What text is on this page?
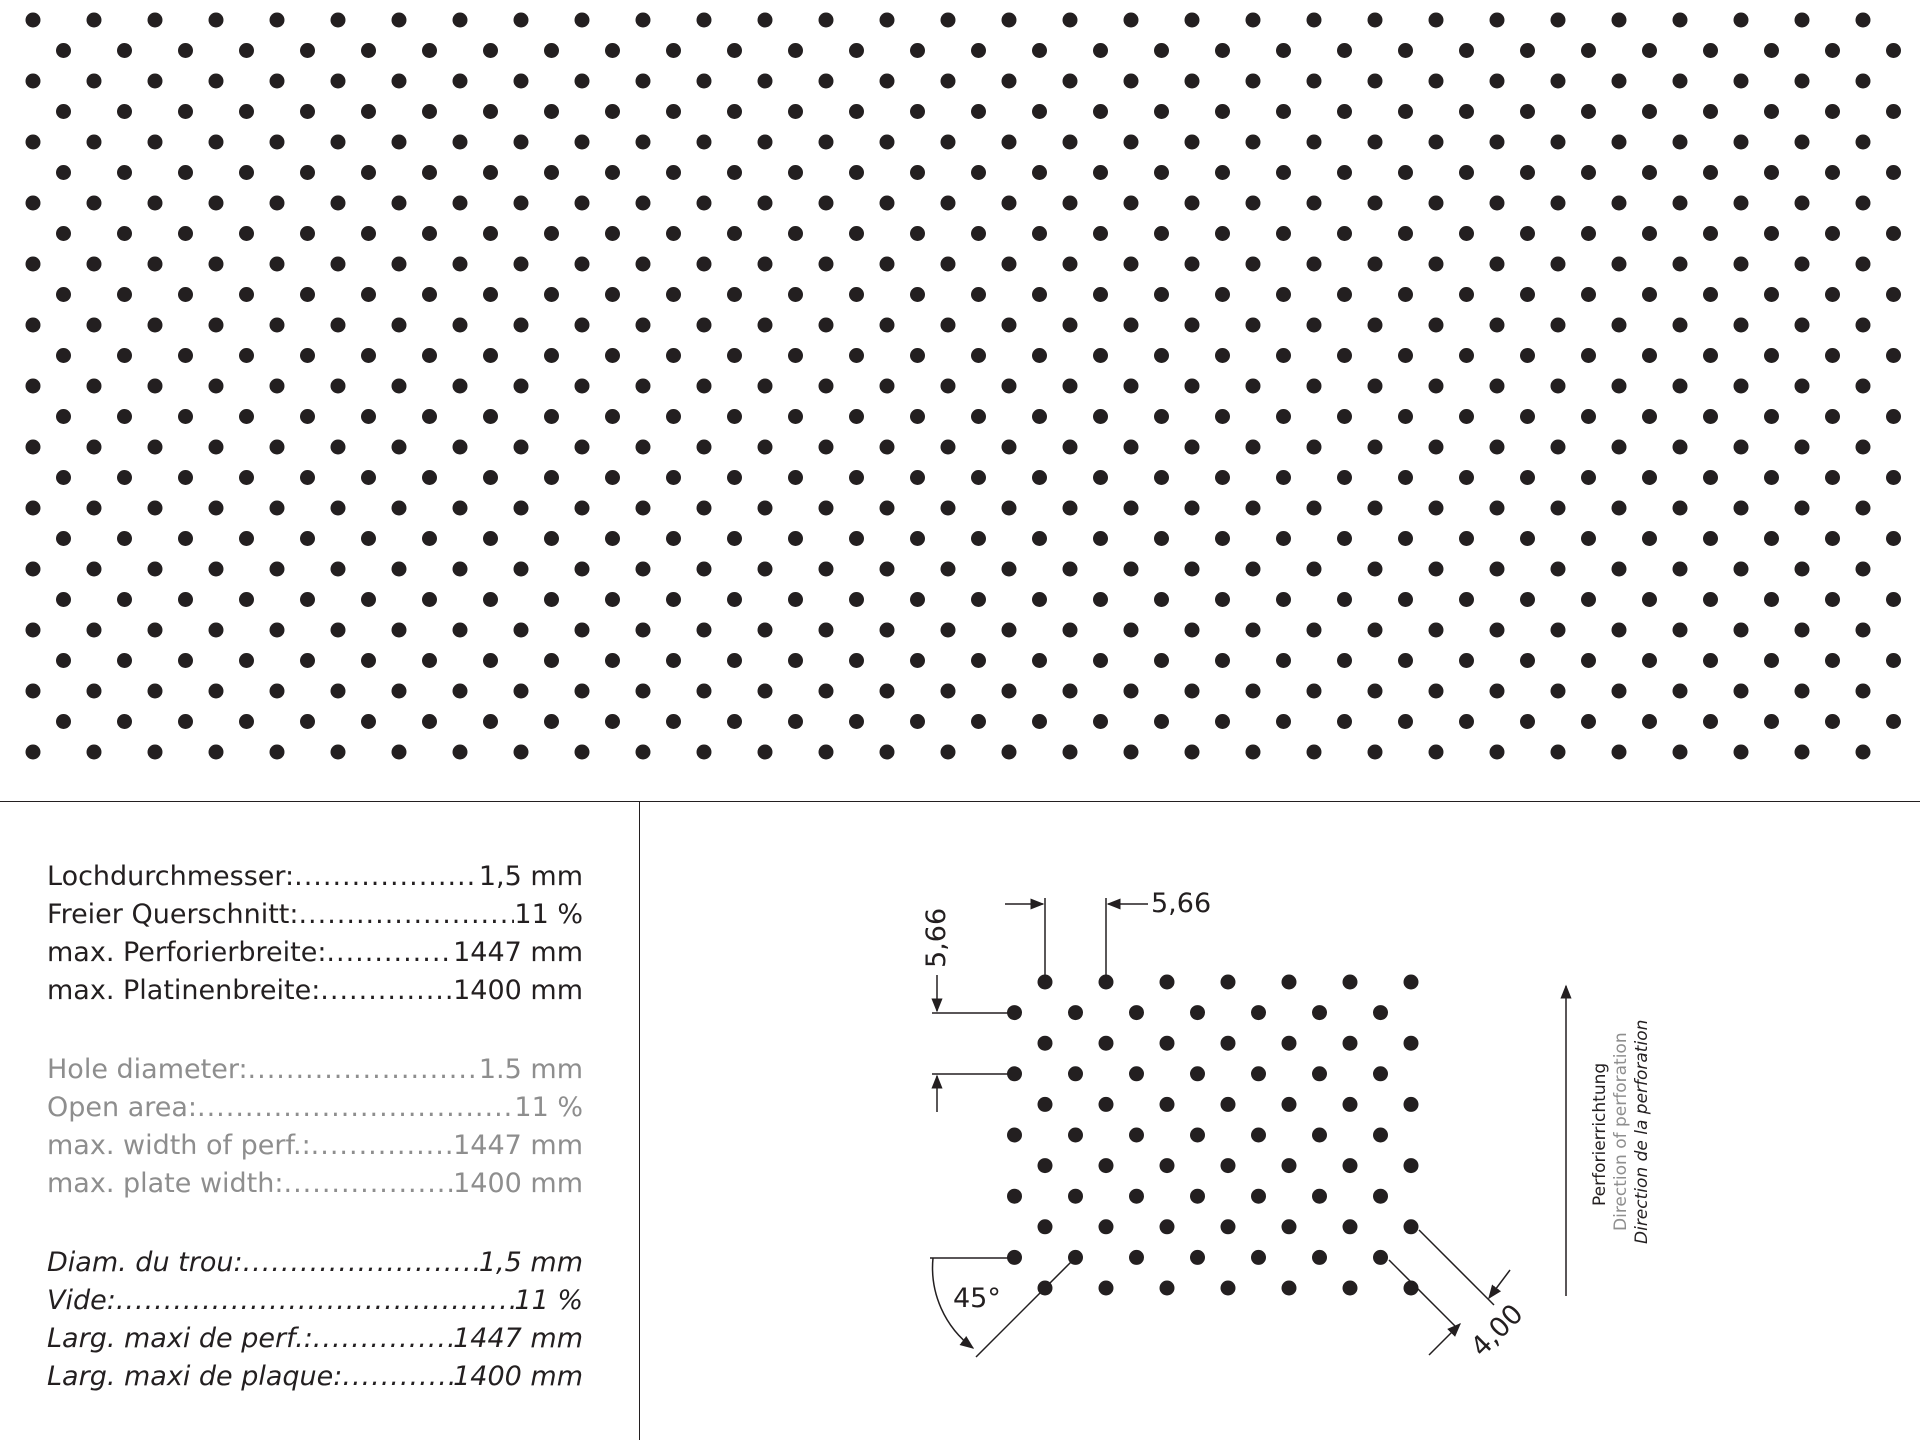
Lochdurchmesser: .....	1,5 mm
Freier Querschnitt: .....	11 %
max. Perforierbreite: .....	1447 mm
max. Platinenbreite: .....	1400 mm
Hole diameter: .....	1.5 mm
Open area: .....	11 %
max. width of perf.: .....	1447 mm
max. plate width: .....	1400 mm
Diam. du trou: .....	1,5 mm
Vide: .....	11 %
Larg. maxi de perf.: .....	1447 mm
Larg. maxi de plaque: .....	1400 mm
5,66
5,66
45°
4,00
Perforierrichtung Direction of perforation Direction de la perforation
